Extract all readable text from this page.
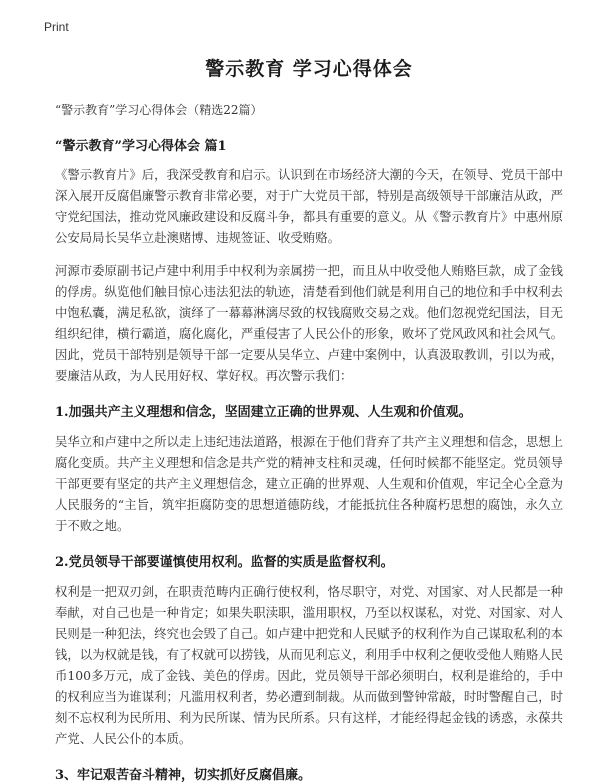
Print
警示教育 学习心得体会
“警示教育”学习心得体会（精选22篇）
“警示教育”学习心得体会 篇1

《警示教育片》后，我深受教育和启示。认识到在市场经济大潮的今天，在领导、党员干部中深入展开反腐倡廉警示教育非常必要，对于广大党员干部，特别是高级领导干部廉洁从政，严守党纪国法，推动党风廉政建设和反腐斗争，都具有重要的意义。从《警示教育片》中惠州原公安局局长吴华立赴澳赌博、违规签证、收受贿赂。

河源市委原副书记卢建中利用手中权利为亲属捞一把，而且从中收受他人贿赂巨款，成了金钱的俘虏。纵览他们触目惊心违法犯法的轨迹，清楚看到他们就是利用自己的地位和手中权利去中饱私囊，满足私欲，演绎了一幕幕淋漓尽致的权钱腐败交易之戏。他们忽视党纪国法，目无组织纪律，横行霸道，腐化腐化，严重侵害了人民公仆的形象，败坏了党风政风和社会风气。因此，党员干部特别是领导干部一定要从吴华立、卢建中案例中，认真汲取教训，引以为戒，要廉洁从政，为人民用好权、掌好权。再次警示我们：

1.加强共产主义理想和信念，坚固建立正确的世界观、人生观和价值观。

吴华立和卢建中之所以走上违纪违法道路，根源在于他们背弃了共产主义理想和信念，思想上腐化变质。共产主义理想和信念是共产党的精神支柱和灵魂，任何时候都不能坚定。党员领导干部更要有坚定的共产主义理想信念，建立正确的世界观、人生观和价值观，牢记全心全意为人民服务的“主旨，筑牢拒腐防变的思想道德防线，才能抵抗住各种腐朽思想的腐蚀，永久立于不败之地。

2.党员领导干部要谨慎使用权利。监督的实质是监督权利。

权利是一把双刃剑，在职责范畴内正确行使权利，恪尽职守，对党、对国家、对人民都是一种奉献，对自己也是一种肯定；如果失职渎职，滥用职权，乃至以权谋私，对党、对国家、对人民则是一种犯法，终究也会毁了自己。如卢建中把党和人民赋予的权利作为自己谋取私利的本钱，以为权就是钱，有了权就可以捞钱，从而见利忘义，利用手中权利之便收受他人贿赂人民币100多万元，成了金钱、美色的俘虏。因此，党员领导干部必须明白，权利是谁给的，手中的权利应当为谁谋利；凡滥用权利者，势必遭到制裁。从而做到警钟常敲，时时警醒自己，时刻不忘权利为民所用、利为民所谋、情为民所系。只有这样，才能经得起金钱的诱惑，永葆共产党、人民公仆的本质。

3、牢记艰苦奋斗精神，切实抓好反腐倡廉。
